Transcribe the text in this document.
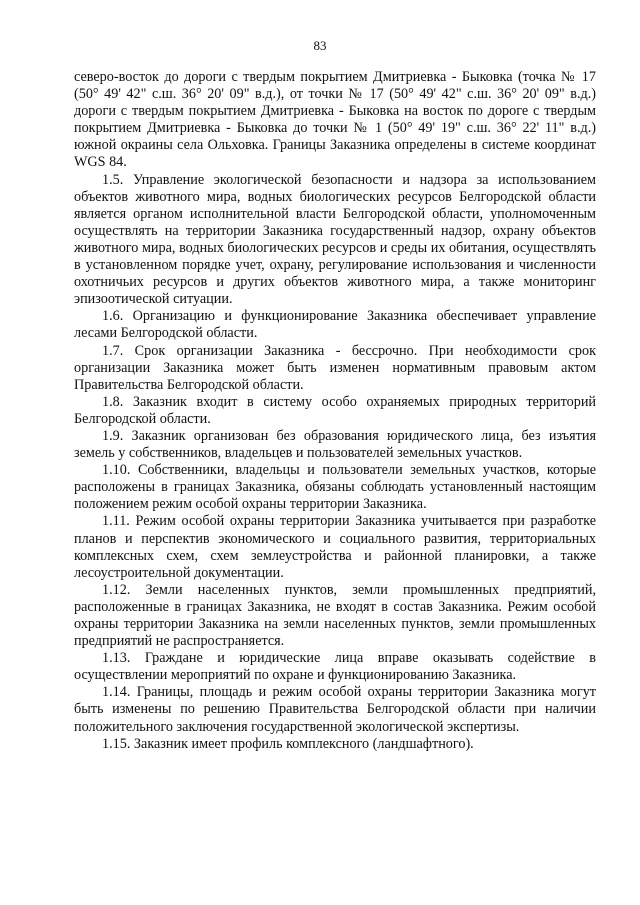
83

северо-восток до дороги с твердым покрытием Дмитриевка - Быковка (точка № 17 (50° 49' 42" с.ш. 36° 20' 09" в.д.), от точки № 17 (50° 49' 42" с.ш. 36° 20' 09" в.д.) дороги с твердым покрытием Дмитриевка - Быковка на восток по дороге с твердым покрытием Дмитриевка - Быковка до точки № 1 (50° 49' 19" с.ш. 36° 22' 11" в.д.) южной окраины села Ольховка. Границы Заказника определены в системе координат WGS 84.

1.5. Управление экологической безопасности и надзора за использованием объектов животного мира, водных биологических ресурсов Белгородской области является органом исполнительной власти Белгородской области, уполномоченным осуществлять на территории Заказника государственный надзор, охрану объектов животного мира, водных биологических ресурсов и среды их обитания, осуществлять в установленном порядке учет, охрану, регулирование использования и численности охотничьих ресурсов и других объектов животного мира, а также мониторинг эпизоотической ситуации.

1.6. Организацию и функционирование Заказника обеспечивает управление лесами Белгородской области.

1.7. Срок организации Заказника - бессрочно. При необходимости срок организации Заказника может быть изменен нормативным правовым актом Правительства Белгородской области.

1.8. Заказник входит в систему особо охраняемых природных территорий Белгородской области.

1.9. Заказник организован без образования юридического лица, без изъятия земель у собственников, владельцев и пользователей земельных участков.

1.10. Собственники, владельцы и пользователи земельных участков, которые расположены в границах Заказника, обязаны соблюдать установленный настоящим положением режим особой охраны территории Заказника.

1.11. Режим особой охраны территории Заказника учитывается при разработке планов и перспектив экономического и социального развития, территориальных комплексных схем, схем землеустройства и районной планировки, а также лесоустроительной документации.

1.12. Земли населенных пунктов, земли промышленных предприятий, расположенные в границах Заказника, не входят в состав Заказника. Режим особой охраны территории Заказника на земли населенных пунктов, земли промышленных предприятий не распространяется.

1.13. Граждане и юридические лица вправе оказывать содействие в осуществлении мероприятий по охране и функционированию Заказника.

1.14. Границы, площадь и режим особой охраны территории Заказника могут быть изменены по решению Правительства Белгородской области при наличии положительного заключения государственной экологической экспертизы.

1.15. Заказник имеет профиль комплексного (ландшафтного).
